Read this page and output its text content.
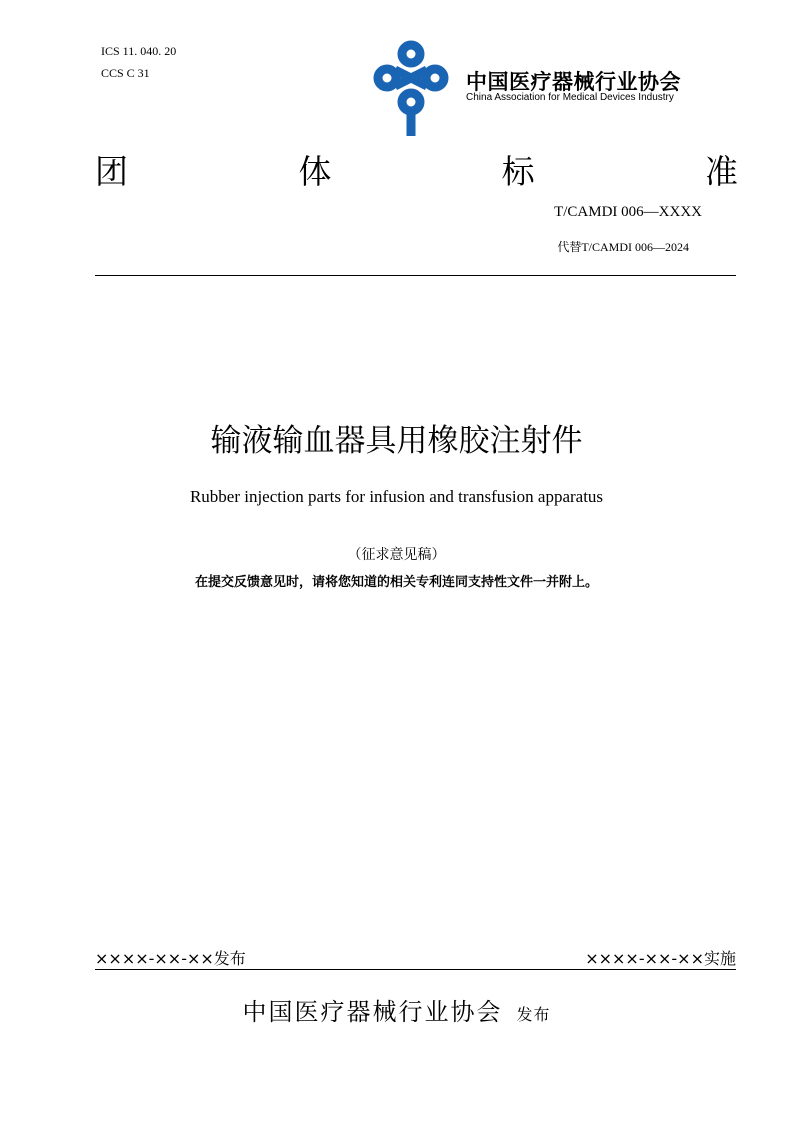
ICS 11. 040. 20
CCS C 31	中国医疗器械行业协会
China Association for Medical Devices Industry
团	体	标	准
T/CAMDI 006—XXXX
代替T/CAMDI 006—2024
输液输血器具用橡胶注射件
Rubber injection parts for infusion and transfusion apparatus
（征求意见稿）
在提交反馈意见时，请将您知道的相关专利连同支持性文件一并附上。
××××-××-××发布	××××-××-××实施
中国医疗器械行业协会 发布
